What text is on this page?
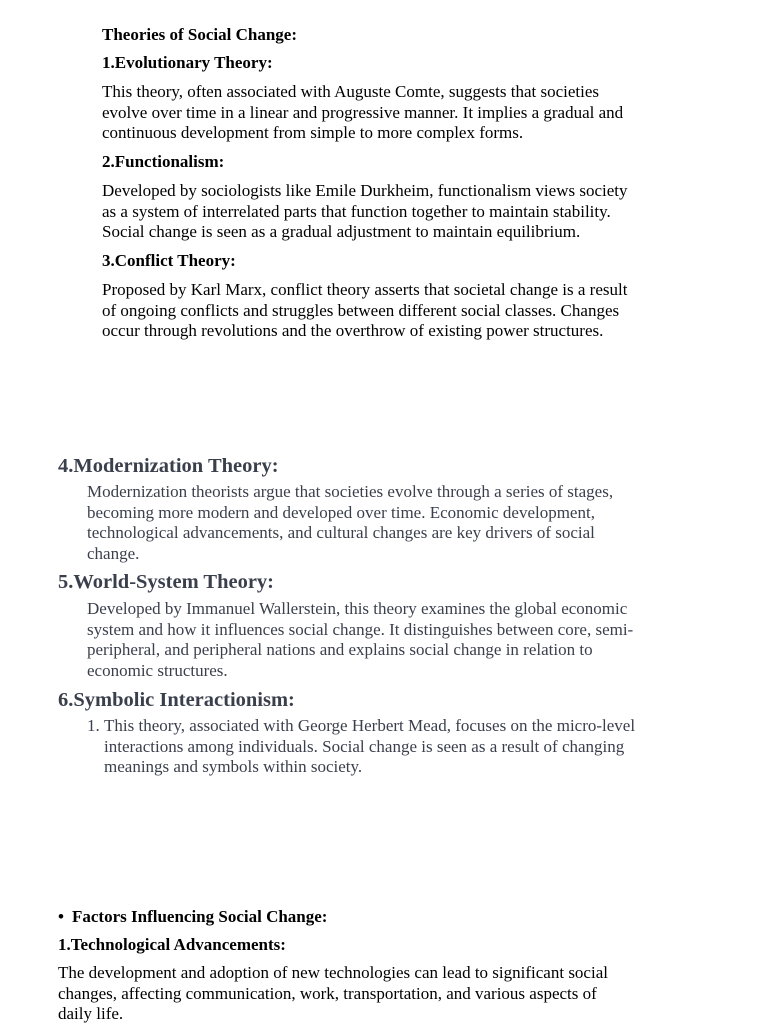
Theories of Social Change:

1.Evolutionary Theory:

This theory, often associated with Auguste Comte, suggests that societies

evolve over time in a linear and progressive manner. It implies a gradual and

continuous development from simple to more complex forms.

2.Functionalism:

Developed by sociologists like Emile Durkheim, functionalism views society

as a system of interrelated parts that function together to maintain stability.

Social change is seen as a gradual adjustment to maintain equilibrium.

3.Conflict Theory:

Proposed by Karl Marx, conflict theory asserts that societal change is a result

of ongoing conflicts and struggles between different social classes. Changes

occur through revolutions and the overthrow of existing power structures.

4.Modernization Theory:

Modernization theorists argue that societies evolve through a series of stages,

becoming more modern and developed over time. Economic development,

technological advancements, and cultural changes are key drivers of social

change.

5.World-System Theory:

Developed by Immanuel Wallerstein, this theory examines the global economic

system and how it influences social change. It distinguishes between core, semi-

peripheral, and peripheral nations and explains social change in relation to

economic structures.

6.Symbolic Interactionism:

1. This theory, associated with George Herbert Mead, focuses on the micro-level

interactions among individuals. Social change is seen as a result of changing

meanings and symbols within society.

• Factors Influencing Social Change:

1.Technological Advancements:

The development and adoption of new technologies can lead to significant social

changes, affecting communication, work, transportation, and various aspects of

daily life.
